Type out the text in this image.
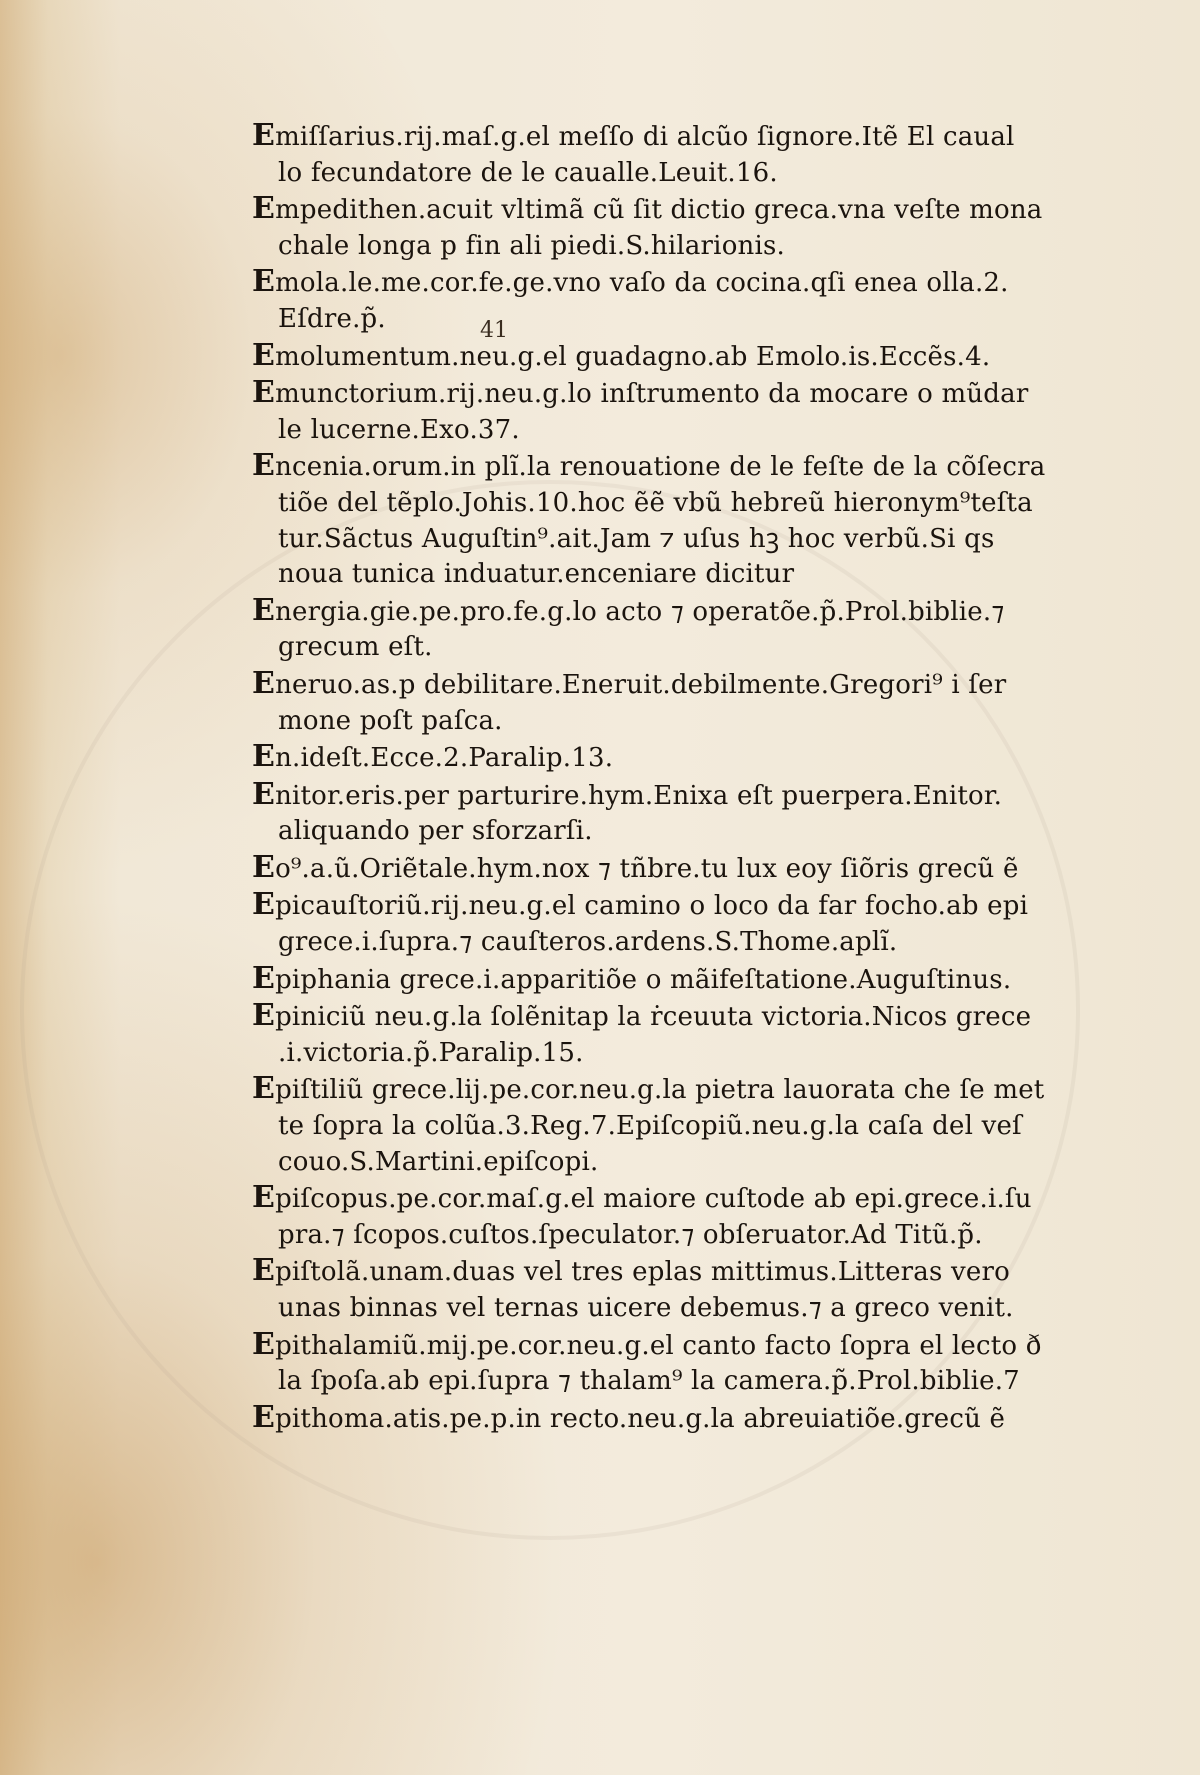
Emiſſarius.rij.maſ.g.el meſſo di alcũo ſignore.Itẽ El caual
lo fecundatore de le caualle.Leuit.16.
Empedithen.acuit vltimã cũ ſit dictio greca.vna veſte mona
chale longa p fin ali piedi.S.hilarionis.
Emola.le.me.cor.fe.ge.vno vaſo da cocina.qſi enea olla.2.
Eſdre.p̃.
Emolumentum.neu.g.el guadagno.ab Emolo.is.Eccẽs.4.
Emunctorium.rij.neu.g.lo inſtrumento da mocare o mũdar
le lucerne.Exo.37.
Encenia.orum.in plĩ.la renouatione de le feſte de la cõſecra
tiõe del tẽplo.Johis.10.hoc ẽẽ vbũ hebreũ hieronym⁹teſta
tur.Sãctus Auguſtin⁹.ait.Jam ⁊ uſus hꝫ hoc verbũ.Si qs
noua tunica induatur.enceniare dicitur
Energia.gie.pe.pro.fe.g.lo acto ⁊ operatõe.p̃.Prol.biblie.⁊
grecum eſt.
Eneruo.as.p debilitare.Eneruit.debilmente.Gregori⁹ i ſer
mone poſt paſca.
En.ideſt.Ecce.2.Paralip.13.
Enitor.eris.per parturire.hym.Enixa eſt puerpera.Enitor.
aliquando per sforzarſi.
Eo⁹.a.ũ.Oriẽtale.hym.nox ⁊ tñbre.tu lux eoy ſiõris grecũ ẽ
Epicauſtoriũ.rij.neu.g.el camino o loco da far focho.ab epi
grece.i.ſupra.⁊ cauſteros.ardens.S.Thome.aplĩ.
Epiphania grece.i.apparitiõe o mãifeſtatione.Auguſtinus.
Epiniciũ neu.g.la ſolẽnitap la ṙceuuta victoria.Nicos grece
.i.victoria.p̃.Paralip.15.
Epiſtiliũ grece.lij.pe.cor.neu.g.la pietra lauorata che ſe met
te ſopra la colũa.3.Reg.7.Epiſcopiũ.neu.g.la caſa del veſ
couo.S.Martini.epiſcopi.
Epiſcopus.pe.cor.maſ.g.el maiore cuſtode ab epi.grece.i.ſu
pra.⁊ ſcopos.cuſtos.ſpeculator.⁊ obſeruator.Ad Titũ.p̃.
Epiſtolã.unam.duas vel tres eplas mittimus.Litteras vero
unas binnas vel ternas uicere debemus.⁊ a greco venit.
Epithalamiũ.mij.pe.cor.neu.g.el canto facto ſopra el lecto ð
la ſpoſa.ab epi.ſupra ⁊ thalam⁹ la camera.p̃.Prol.biblie.7
Epithoma.atis.pe.p.in recto.neu.g.la abreuiatiõe.grecũ ẽ
41
